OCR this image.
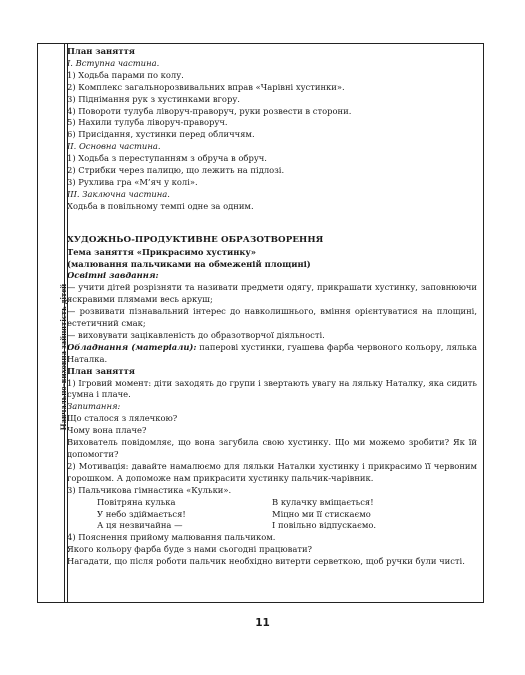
Навчально-виховна зайнятість дітей

План заняття

І. Вступна частина.

1) Ходьба парами по колу.

2) Комплекс загальнорозвивальних вправ «Чарівні хустинки».

3) Піднімання рук з хустинками вгору.

4) Повороти тулуба ліворуч-праворуч, руки розвести в сторони.

5) Нахили тулуба ліворуч-праворуч.

6) Присідання, хустинки перед обличчям.

ІІ. Основна частина.

1) Ходьба з переступанням з обруча в обруч.

2) Стрибки через палицю, що лежить на підлозі.

3) Рухлива гра «М’яч у колі».

ІІІ. Заключна частина.

Ходьба в повільному темпі одне за одним.

ХУДОЖНЬО-ПРОДУКТИВНЕ ОБРАЗОТВОРЕННЯ

Тема заняття «Прикрасимо хустинку»

(малювання пальчиками на обмеженій площині)

Освітні завдання:

— учити дітей розрізняти та називати предмети одягу, прикрашати хустинку, заповнюючи яскравими плямами весь аркуш;

— розвивати пізнавальний інтерес до навколишнього, вміння орієнтуватися на площині, естетичний смак;

— виховувати зацікавленість до образотворчої діяльності.

Обладнання (матеріали): паперові хустинки, гуашева фарба червоного кольору, лялька Наталка.

План заняття

1) Ігровий момент: діти заходять до групи і звертають увагу на ляльку Наталку, яка сидить сумна і плаче.

Запитання:

Що сталося з лялечкою?

Чому вона плаче?

Вихователь повідомляє, що вона загубила свою хустинку. Що ми можемо зробити? Як їй допомогти?

2) Мотивація: давайте намалюємо для ляльки Наталки хустинку і прикрасимо її червоним горошком. А допоможе нам прикрасити хустинку пальчик-чарівник.

3) Пальчикова гімнастика «Кульки».

Повітряна кулька	В кулачку вміщається!
У небо здіймається!	Міцно ми її стискаємо
А ця незвичайна —	І повільно відпускаємо.

4) Пояснення прийому малювання пальчиком.

Якого кольору фарба буде з нами сьогодні працювати?

Нагадати, що після роботи пальчик необхідно витерти серветкою, щоб ручки були чисті.

11
